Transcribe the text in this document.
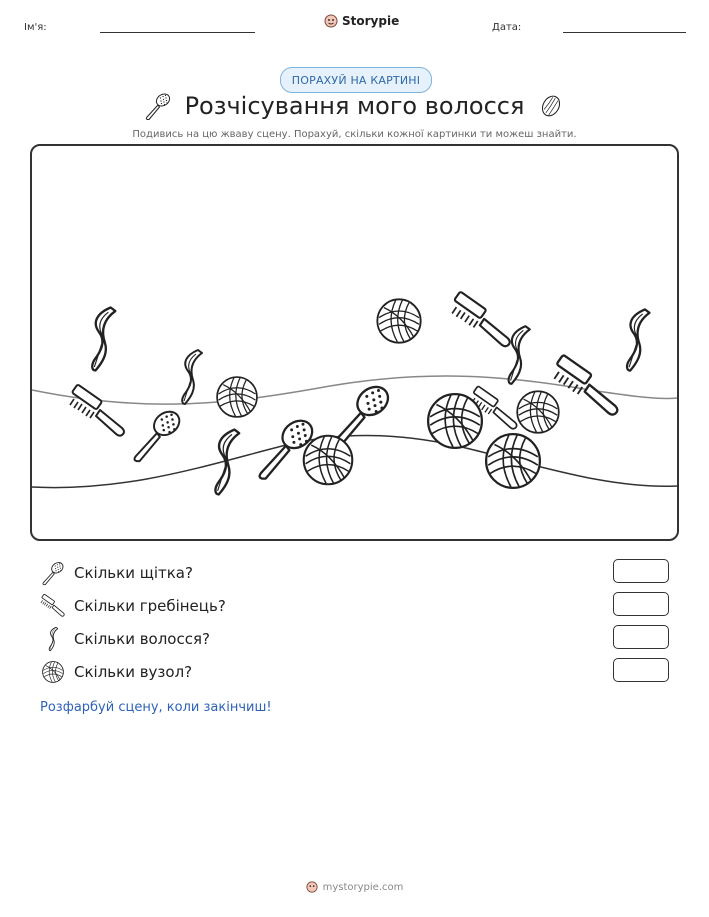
Ім'я:	Storypie	Дата:
ПОРАХУЙ НА КАРТИНІ
Розчісування мого волосся
Подивись на цю жваву сцену. Порахуй, скільки кожної картинки ти можеш знайти.
Скільки щітка?
Скільки гребінець?
Скільки волосся?
Скільки вузол?
Розфарбуй сцену, коли закінчиш!
mystorypie.com
